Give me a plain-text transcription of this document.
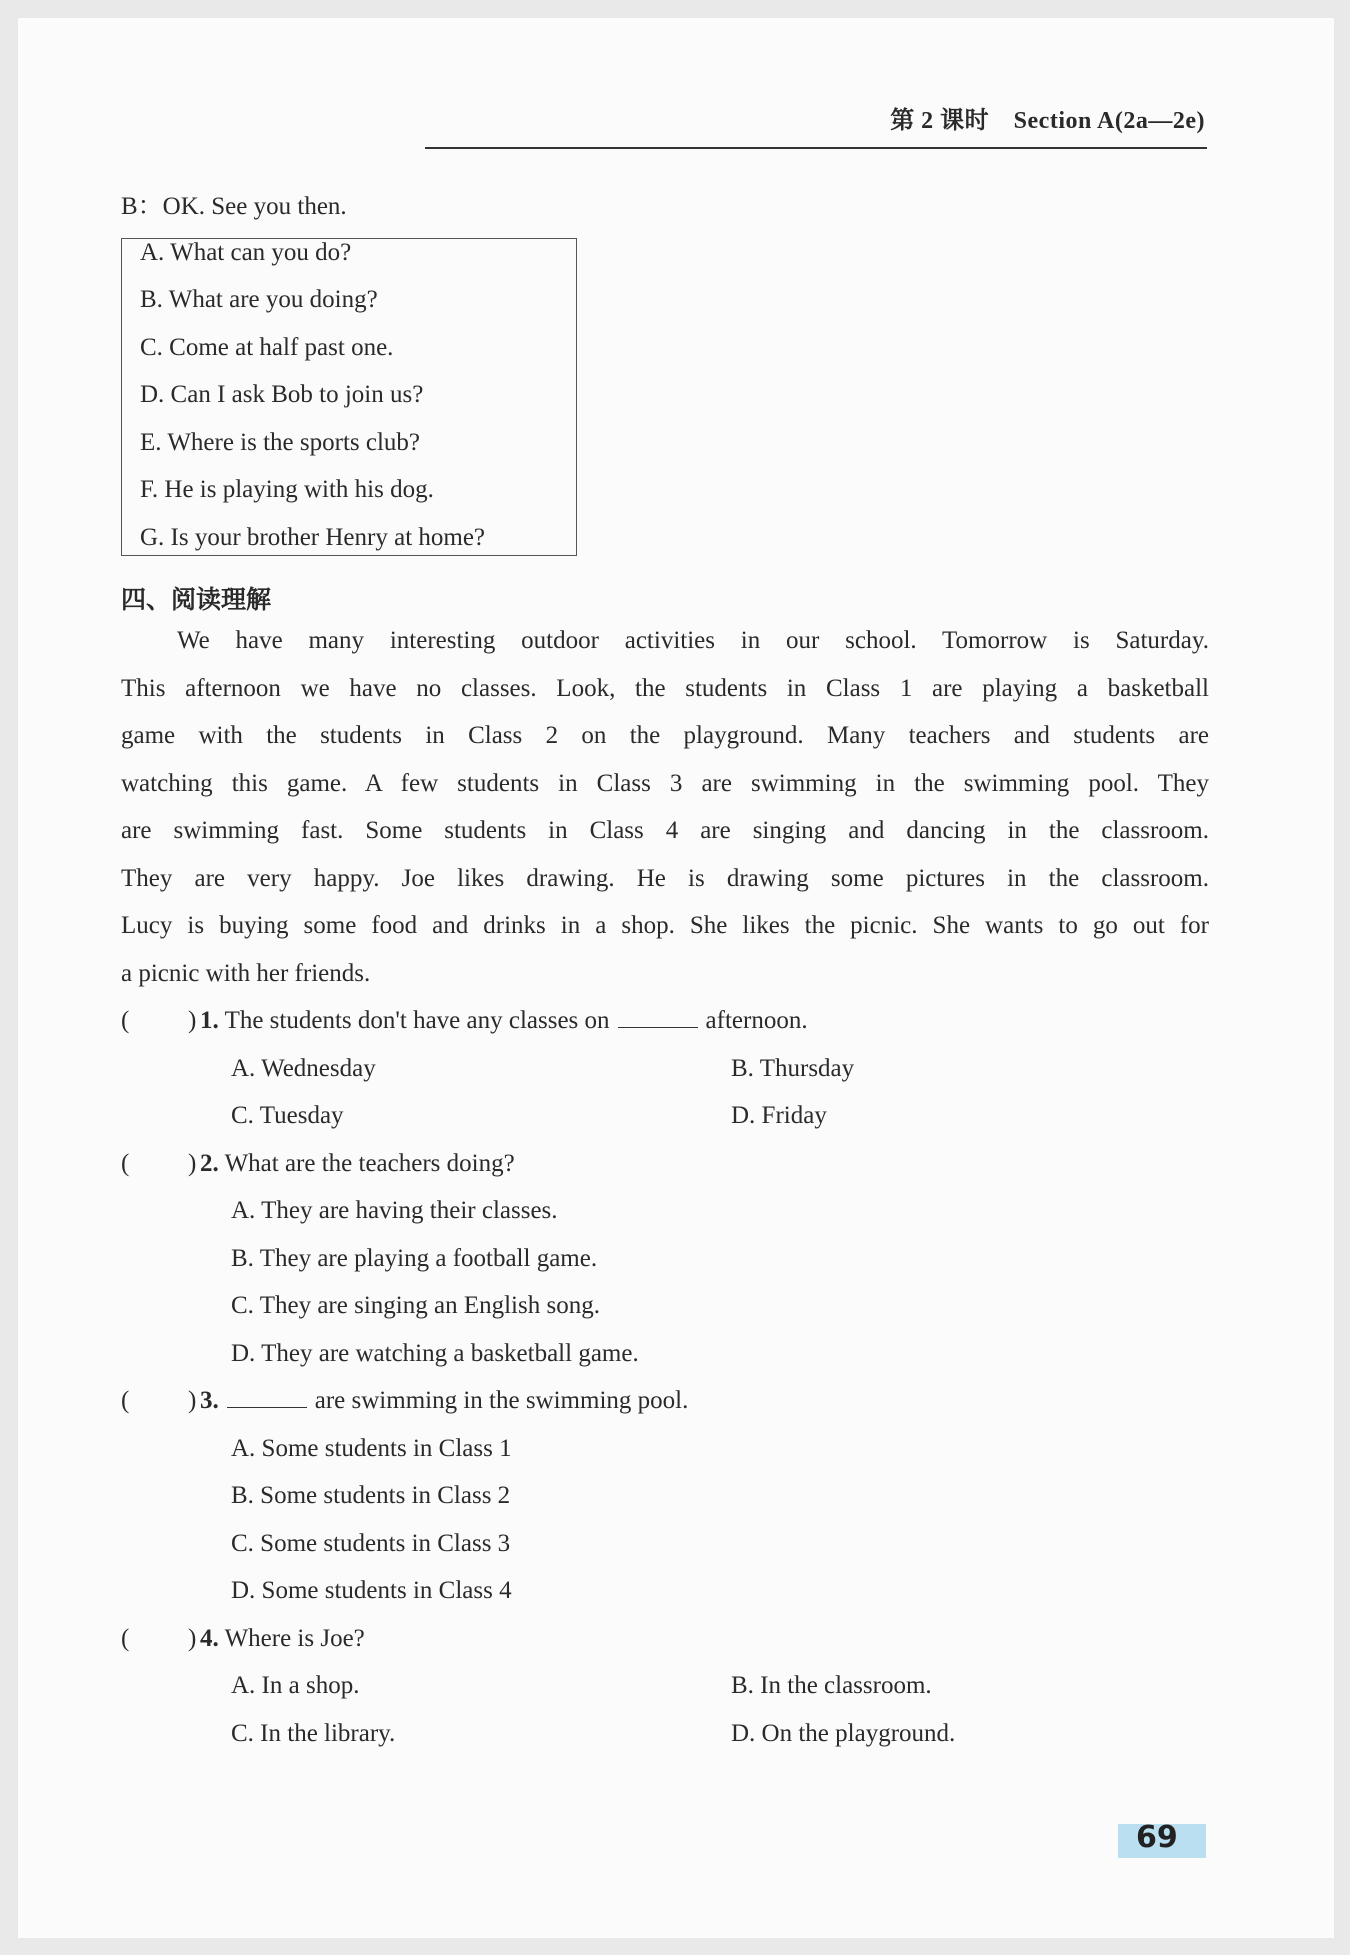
第 2 课时　Section A(2a—2e)
B：OK. See you then.
A. What can you do?
B. What are you doing?
C. Come at half past one.
D. Can I ask Bob to join us?
E. Where is the sports club?
F. He is playing with his dog.
G. Is your brother Henry at home?
四、阅读理解
We have many interesting outdoor activities in our school. Tomorrow is Saturday.
This afternoon we have no classes. Look, the students in Class 1 are playing a basketball
game with the students in Class 2 on the playground. Many teachers and students are
watching this game. A few students in Class 3 are swimming in the swimming pool. They
are swimming fast. Some students in Class 4 are singing and dancing in the classroom.
They are very happy. Joe likes drawing. He is drawing some pictures in the classroom.
Lucy is buying some food and drinks in a shop. She likes the picnic. She wants to go out for
a picnic with her friends.
( ) 1. The students don't have any classes on	afternoon.
A. Wednesday	B. Thursday
C. Tuesday	D. Friday
( ) 2. What are the teachers doing?
A. They are having their classes.
B. They are playing a football game.
C. They are singing an English song.
D. They are watching a basketball game.
( ) 3.	are swimming in the swimming pool.
A. Some students in Class 1
B. Some students in Class 2
C. Some students in Class 3
D. Some students in Class 4
( ) 4. Where is Joe?
A. In a shop.	B. In the classroom.
C. In the library.	D. On the playground.
69
